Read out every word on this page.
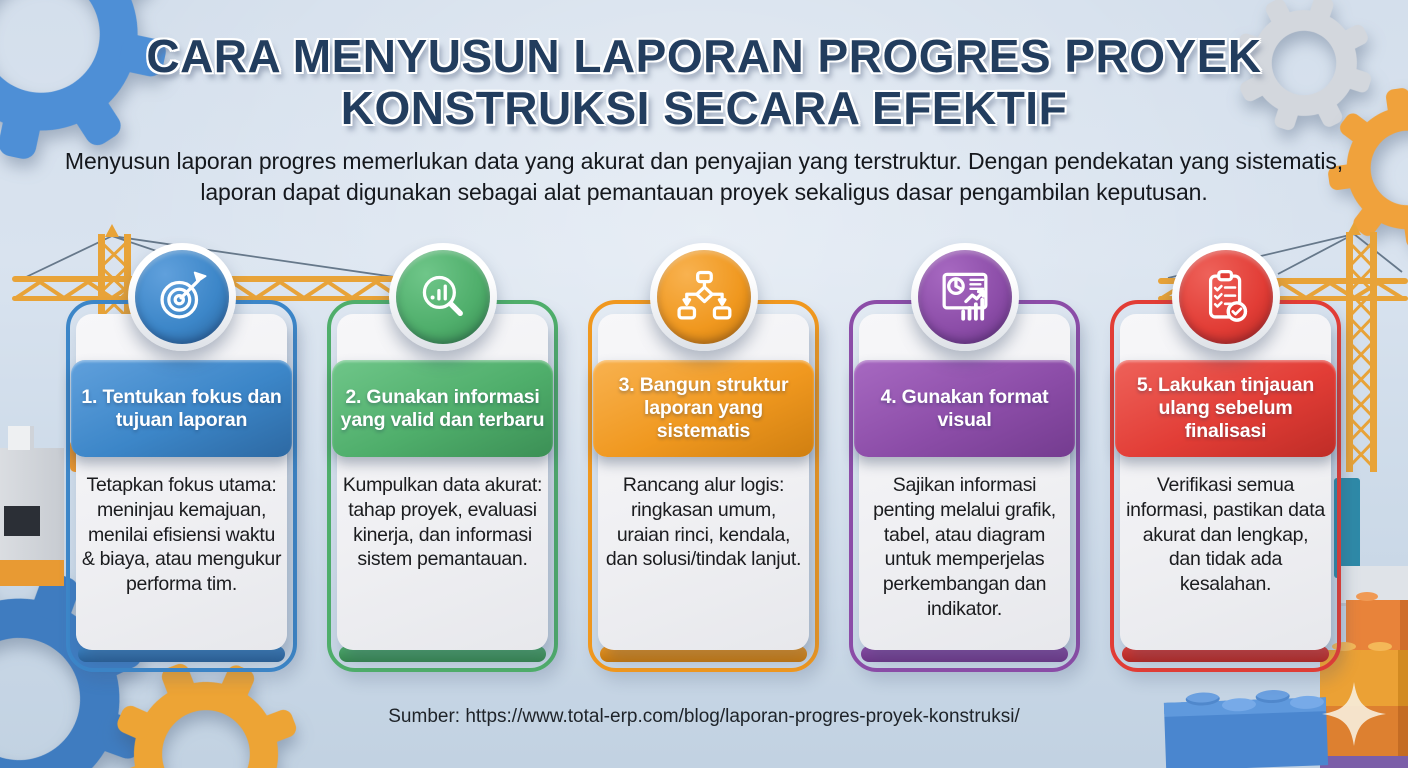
CARA MENYUSUN LAPORAN PROGRES PROYEK
KONSTRUKSI SECARA EFEKTIF

Menyusun laporan progres memerlukan data yang akurat dan penyajian yang terstruktur. Dengan pendekatan yang sistematis, laporan dapat digunakan sebagai alat pemantauan proyek sekaligus dasar pengambilan keputusan.

1. Tentukan fokus dan tujuan laporan

Tetapkan fokus utama: meninjau kemajuan, menilai efisiensi waktu & biaya, atau mengukur performa tim.

2. Gunakan informasi yang valid dan terbaru

Kumpulkan data akurat: tahap proyek, evaluasi kinerja, dan informasi sistem pemantauan.

3. Bangun struktur laporan yang sistematis

Rancang alur logis: ringkasan umum, uraian rinci, kendala, dan solusi/tindak lanjut.

4. Gunakan format visual

Sajikan informasi penting melalui grafik, tabel, atau diagram untuk memperjelas perkembangan dan indikator.

5. Lakukan tinjauan ulang sebelum finalisasi

Verifikasi semua informasi, pastikan data akurat dan lengkap, dan tidak ada kesalahan.

Sumber: https://www.total-erp.com/blog/laporan-progres-proyek-konstruksi/
